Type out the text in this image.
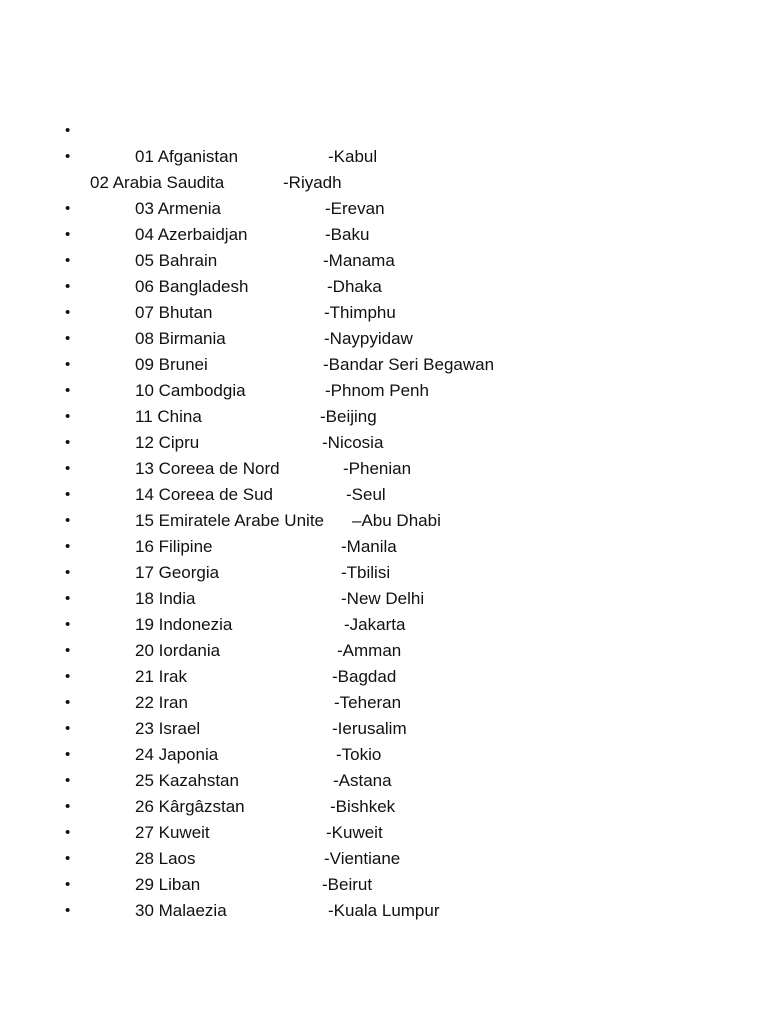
•
•	01 Afganistan	-Kabul
02 Arabia Saudita	-Riyadh
•	03 Armenia	-Erevan
•	04 Azerbaidjan	-Baku
•	05 Bahrain	-Manama
•	06 Bangladesh	-Dhaka
•	07 Bhutan	-Thimphu
•	08 Birmania	-Naypyidaw
•	09 Brunei	-Bandar Seri Begawan
•	10 Cambodgia	-Phnom Penh
•	11 China	-Beijing
•	12 Cipru	-Nicosia
•	13 Coreea de Nord	-Phenian
•	14 Coreea de Sud	-Seul
•	15 Emiratele Arabe Unite –Abu Dhabi
•	16 Filipine	-Manila
•	17 Georgia	-Tbilisi
•	18 India	-New Delhi
•	19 Indonezia	-Jakarta
•	20 Iordania	-Amman
•	21 Irak	-Bagdad
•	22 Iran	-Teheran
•	23 Israel	-Ierusalim
•	24 Japonia	-Tokio
•	25 Kazahstan	-Astana
•	26 Kârgâzstan	-Bishkek
•	27 Kuweit	-Kuweit
•	28 Laos	-Vientiane
•	29 Liban	-Beirut
•	30 Malaezia	-Kuala Lumpur
